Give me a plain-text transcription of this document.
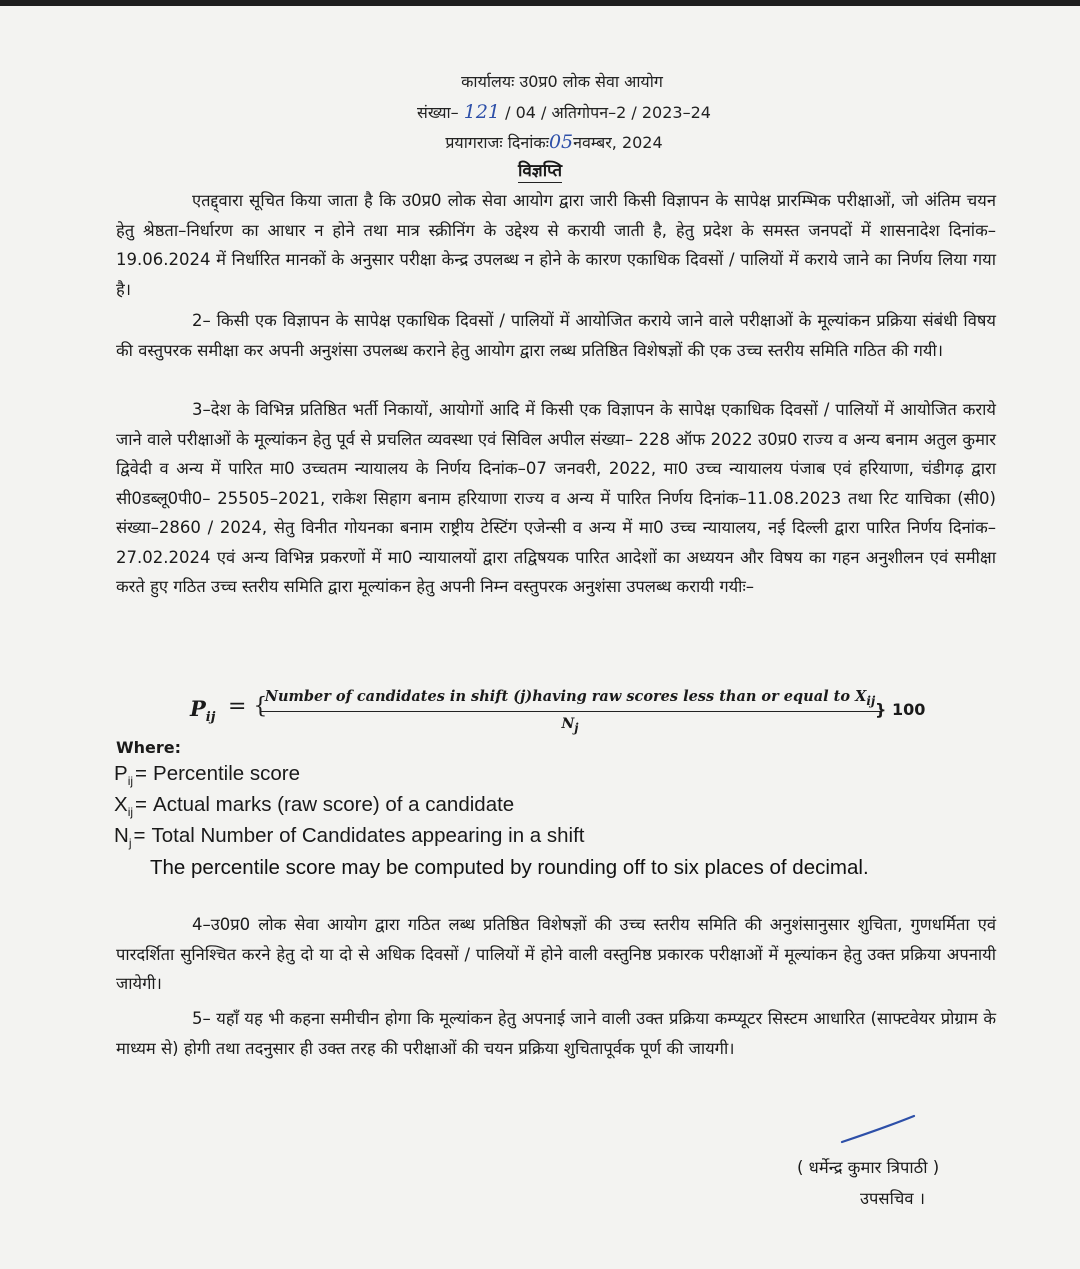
कार्यालयः उ0प्र0 लोक सेवा आयोग
संख्या– 121 / 04 / अतिगोपन–2 / 2023–24
प्रयागराजः दिनांकः05नवम्बर, 2024
विज्ञप्ति

एतद्द्वारा सूचित किया जाता है कि उ0प्र0 लोक सेवा आयोग द्वारा जारी किसी विज्ञापन के सापेक्ष प्रारम्भिक परीक्षाओं, जो अंतिम चयन हेतु श्रेष्ठता–निर्धारण का आधार न होने तथा मात्र स्क्रीनिंग के उद्देश्य से करायी जाती है, हेतु प्रदेश के समस्त जनपदों में शासनादेश दिनांक–19.06.2024 में निर्धारित मानकों के अनुसार परीक्षा केन्द्र उपलब्ध न होने के कारण एकाधिक दिवसों / पालियों में कराये जाने का निर्णय लिया गया है।

2– किसी एक विज्ञापन के सापेक्ष एकाधिक दिवसों / पालियों में आयोजित कराये जाने वाले परीक्षाओं के मूल्यांकन प्रक्रिया संबंधी विषय की वस्तुपरक समीक्षा कर अपनी अनुशंसा उपलब्ध कराने हेतु आयोग द्वारा लब्ध प्रतिष्ठित विशेषज्ञों की एक उच्च स्तरीय समिति गठित की गयी।

3–देश के विभिन्न प्रतिष्ठित भर्ती निकायों, आयोगों आदि में किसी एक विज्ञापन के सापेक्ष एकाधिक दिवसों / पालियों में आयोजित कराये जाने वाले परीक्षाओं के मूल्यांकन हेतु पूर्व से प्रचलित व्यवस्था एवं सिविल अपील संख्या– 228 ऑफ 2022 उ0प्र0 राज्य व अन्य बनाम अतुल कुमार द्विवेदी व अन्य में पारित मा0 उच्चतम न्यायालय के निर्णय दिनांक–07 जनवरी, 2022, मा0 उच्च न्यायालय पंजाब एवं हरियाणा, चंडीगढ़ द्वारा सी0डब्लू0पी0– 25505–2021, राकेश सिहाग बनाम हरियाणा राज्य व अन्य में पारित निर्णय दिनांक–11.08.2023 तथा रिट याचिका (सी0) संख्या–2860 / 2024, सेतु विनीत गोयनका बनाम राष्ट्रीय टेस्टिंग एजेन्सी व अन्य में मा0 उच्च न्यायालय, नई दिल्ली द्वारा पारित निर्णय दिनांक–27.02.2024 एवं अन्य विभिन्न प्रकरणों में मा0 न्यायालयों द्वारा तद्विषयक पारित आदेशों का अध्ययन और विषय का गहन अनुशीलन एवं समीक्षा करते हुए गठित उच्च स्तरीय समिति द्वारा मूल्यांकन हेतु अपनी निम्न वस्तुपरक अनुशंसा उपलब्ध करायी गयीः–

$P_{ij}$ = {
Number of candidates in shift (j)having raw scores less than or equal to $X_{ij}$
$N_j$
} 100
Where:
$P_{ij}=$ Percentile score
$X_{ij}=$ Actual marks (raw score) of a candidate
$N_j=$ Total Number of Candidates appearing in a shift
The percentile score may be computed by rounding off to six places of decimal.

4–उ0प्र0 लोक सेवा आयोग द्वारा गठित लब्ध प्रतिष्ठित विशेषज्ञों की उच्च स्तरीय समिति की अनुशंसानुसार शुचिता, गुणधर्मिता एवं पारदर्शिता सुनिश्चित करने हेतु दो या दो से अधिक दिवसों / पालियों में होने वाली वस्तुनिष्ठ प्रकारक परीक्षाओं में मूल्यांकन हेतु उक्त प्रक्रिया अपनायी जायेगी।

5– यहाँ यह भी कहना समीचीन होगा कि मूल्यांकन हेतु अपनाई जाने वाली उक्त प्रक्रिया कम्प्यूटर सिस्टम आधारित (साफ्टवेयर प्रोग्राम के माध्यम से) होगी तथा तदनुसार ही उक्त तरह की परीक्षाओं की चयन प्रक्रिया शुचितापूर्वक पूर्ण की जायगी।

( धर्मेन्द्र कुमार त्रिपाठी )
उपसचिव ।
